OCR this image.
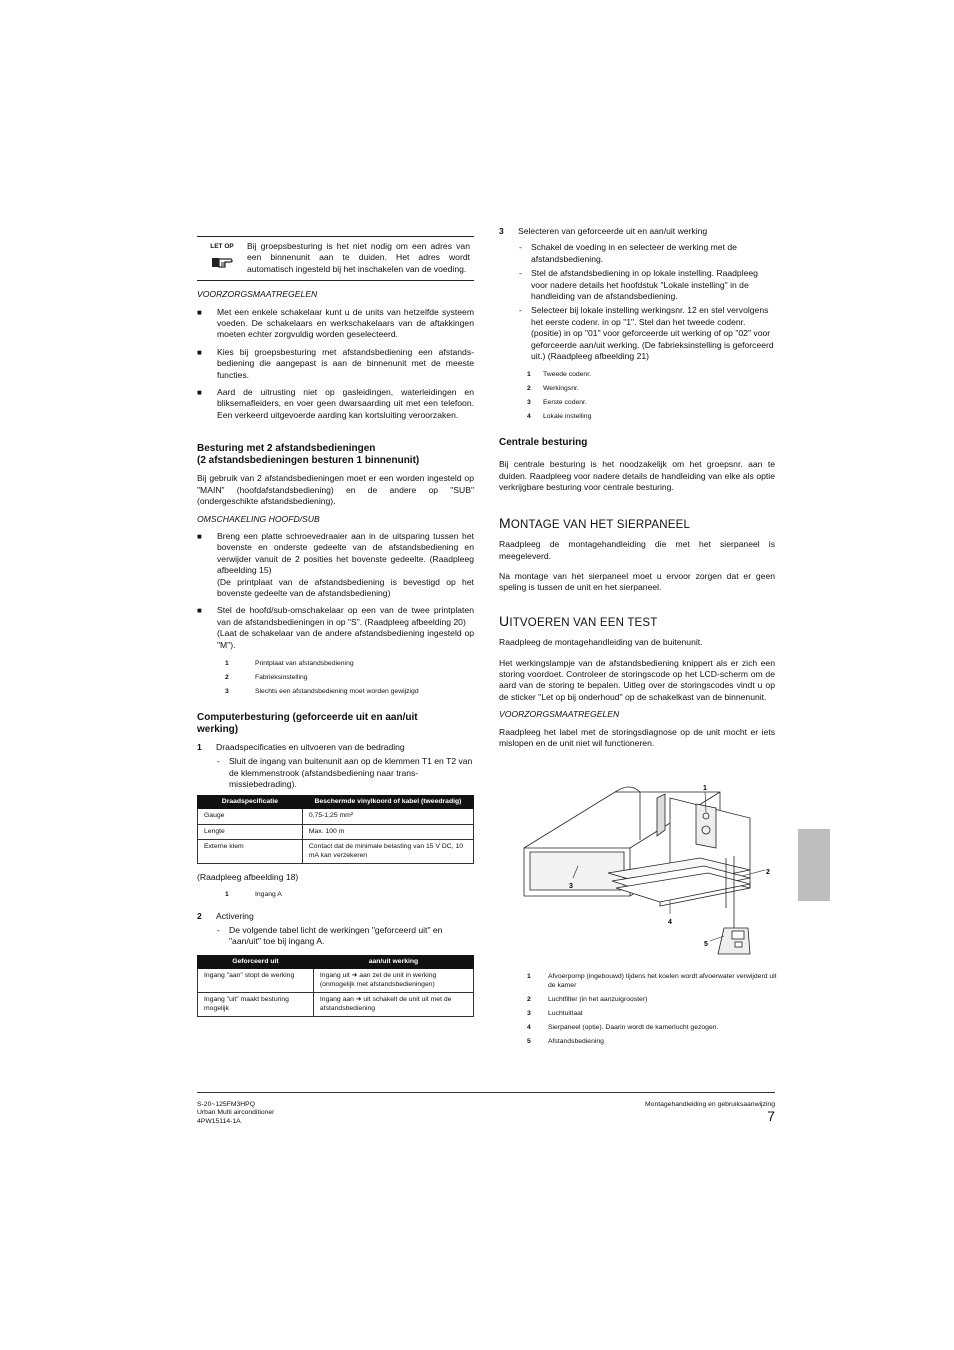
LET OP	Bij groepsbesturing is het niet nodig om een adres van een binnenunit aan te duiden. Het adres wordt automatisch ingesteld bij het inschakelen van de voeding.
VOORZORGSMAATREGELEN
■	Met een enkele schakelaar kunt u de units van hetzelfde systeem voeden. De schakelaars en werkschakelaars van de aftakkingen moeten echter zorgvuldig worden geselecteerd.
■	Kies bij groepsbesturing met afstandsbediening een afstands-bediening die aangepast is aan de binnenunit met de meeste functies.
■	Aard de uitrusting niet op gasleidingen, waterleidingen en bliksemafleiders, en voer geen dwarsaarding uit met een telefoon. Een verkeerd uitgevoerde aarding kan kortsluiting veroorzaken.
Besturing met 2 afstandsbedieningen
(2 afstandsbedieningen besturen 1 binnenunit)

Bij gebruik van 2 afstandsbedieningen moet er een worden ingesteld op "MAIN" (hoofdafstandsbediening) en de andere op "SUB" (ondergeschikte afstandsbediening).

OMSCHAKELING HOOFD/SUB
■	Breng een platte schroevedraaier aan in de uitsparing tussen het bovenste en onderste gedeelte van de afstandsbediening en verwijder vanuit de 2 posities het bovenste gedeelte. (Raadpleeg afbeelding 15)
(De printplaat van de afstandsbediening is bevestigd op het bovenste gedeelte van de afstandsbediening)
■	Stel de hoofd/sub-omschakelaar op een van de twee printplaten van de afstandsbedieningen in op "S". (Raadpleeg afbeelding 20)
(Laat de schakelaar van de andere afstandsbediening ingesteld op "M").
1	Printplaat van afstandsbediening
2	Fabrieksinstelling
3	Slechts een afstandsbediening moet worden gewijzigd
Computerbesturing (geforceerde uit en aan/uit
werking)
1	Draadspecificaties en uitvoeren van de bedrading
-	Sluit de ingang van buitenunit aan op de klemmen T1 en T2 van de klemmenstrook (afstandsbediening naar trans-missiebedrading).
Draadspecificatie	Beschermde vinylkoord of kabel (tweedradig)
Gauge	0,75-1,25 mm²
Lengte	Max. 100 m
Externe klem	Contact dat de minimale belasting van 15 V DC, 10 mA kan verzekeren

(Raadpleeg afbeelding 18)

1	Ingang A
2	Activering
-	De volgende tabel licht de werkingen "geforceerd uit" en "aan/uit" toe bij ingang A.
Geforceerd uit	aan/uit werking
Ingang "aan" stopt de werking	Ingang uit ➜ aan zet de unit in werking (onmogelijk met afstandsbedieningen)
Ingang "uit" maakt besturing mogelijk	Ingang aan ➜ uit schakelt de unit uit met de afstandsbediening
3	Selecteren van geforceerde uit en aan/uit werking
-	Schakel de voeding in en selecteer de werking met de afstandsbediening.
-	Stel de afstandsbediening in op lokale instelling. Raadpleeg voor nadere details het hoofdstuk "Lokale instelling" in de handleiding van de afstandsbediening.
-	Selecteer bij lokale instelling werkingsnr. 12 en stel vervolgens het eerste codenr. in op "1". Stel dan het tweede codenr. (positie) in op "01" voor geforceerde uit werking of op "02" voor geforceerde aan/uit werking. (De fabrieksinstelling is geforceerd uit.) (Raadpleeg afbeelding 21)
1	Tweede codenr.
2	Werkingsnr.
3	Eerste codenr.
4	Lokale instelling
Centrale besturing

Bij centrale besturing is het noodzakelijk om het groepsnr. aan te duiden. Raadpleeg voor nadere details de handleiding van elke als optie verkrijgbare besturing voor centrale besturing.

MONTAGE VAN HET SIERPANEEL

Raadpleeg de montagehandleiding die met het sierpaneel is meegeleverd.

Na montage van het sierpaneel moet u ervoor zorgen dat er geen speling is tussen de unit en het sierpaneel.

UITVOEREN VAN EEN TEST

Raadpleeg de montagehandleiding van de buitenunit.

Het werkingslampje van de afstandsbediening knippert als er zich een storing voordoet. Controleer de storingscode op het LCD-scherm om de aard van de storing te bepalen. Uitleg over de storingscodes vindt u op de sticker "Let op bij onderhoud" op de schakelkast van de binnenunit.

VOORZORGSMAATREGELEN

Raadpleeg het label met de storingsdiagnose op de unit mocht er iets mislopen en de unit niet wil functioneren.

1
2
3
4
5
1	Afvoerpomp (ingebouwd) tijdens het koelen wordt afvoerwater verwijderd uit de kamer
2	Luchtfilter (in het aanzuigrooster)
3	Luchtuitlaat
4	Sierpaneel (optie). Daarin wordt de kamerlucht gezogen.
5	Afstandsbediening
S-20~125FM3HPQ
Urban Multi airconditioner
4PW15114-1A
Montagehandleiding en gebruiksaanwijzing
7
